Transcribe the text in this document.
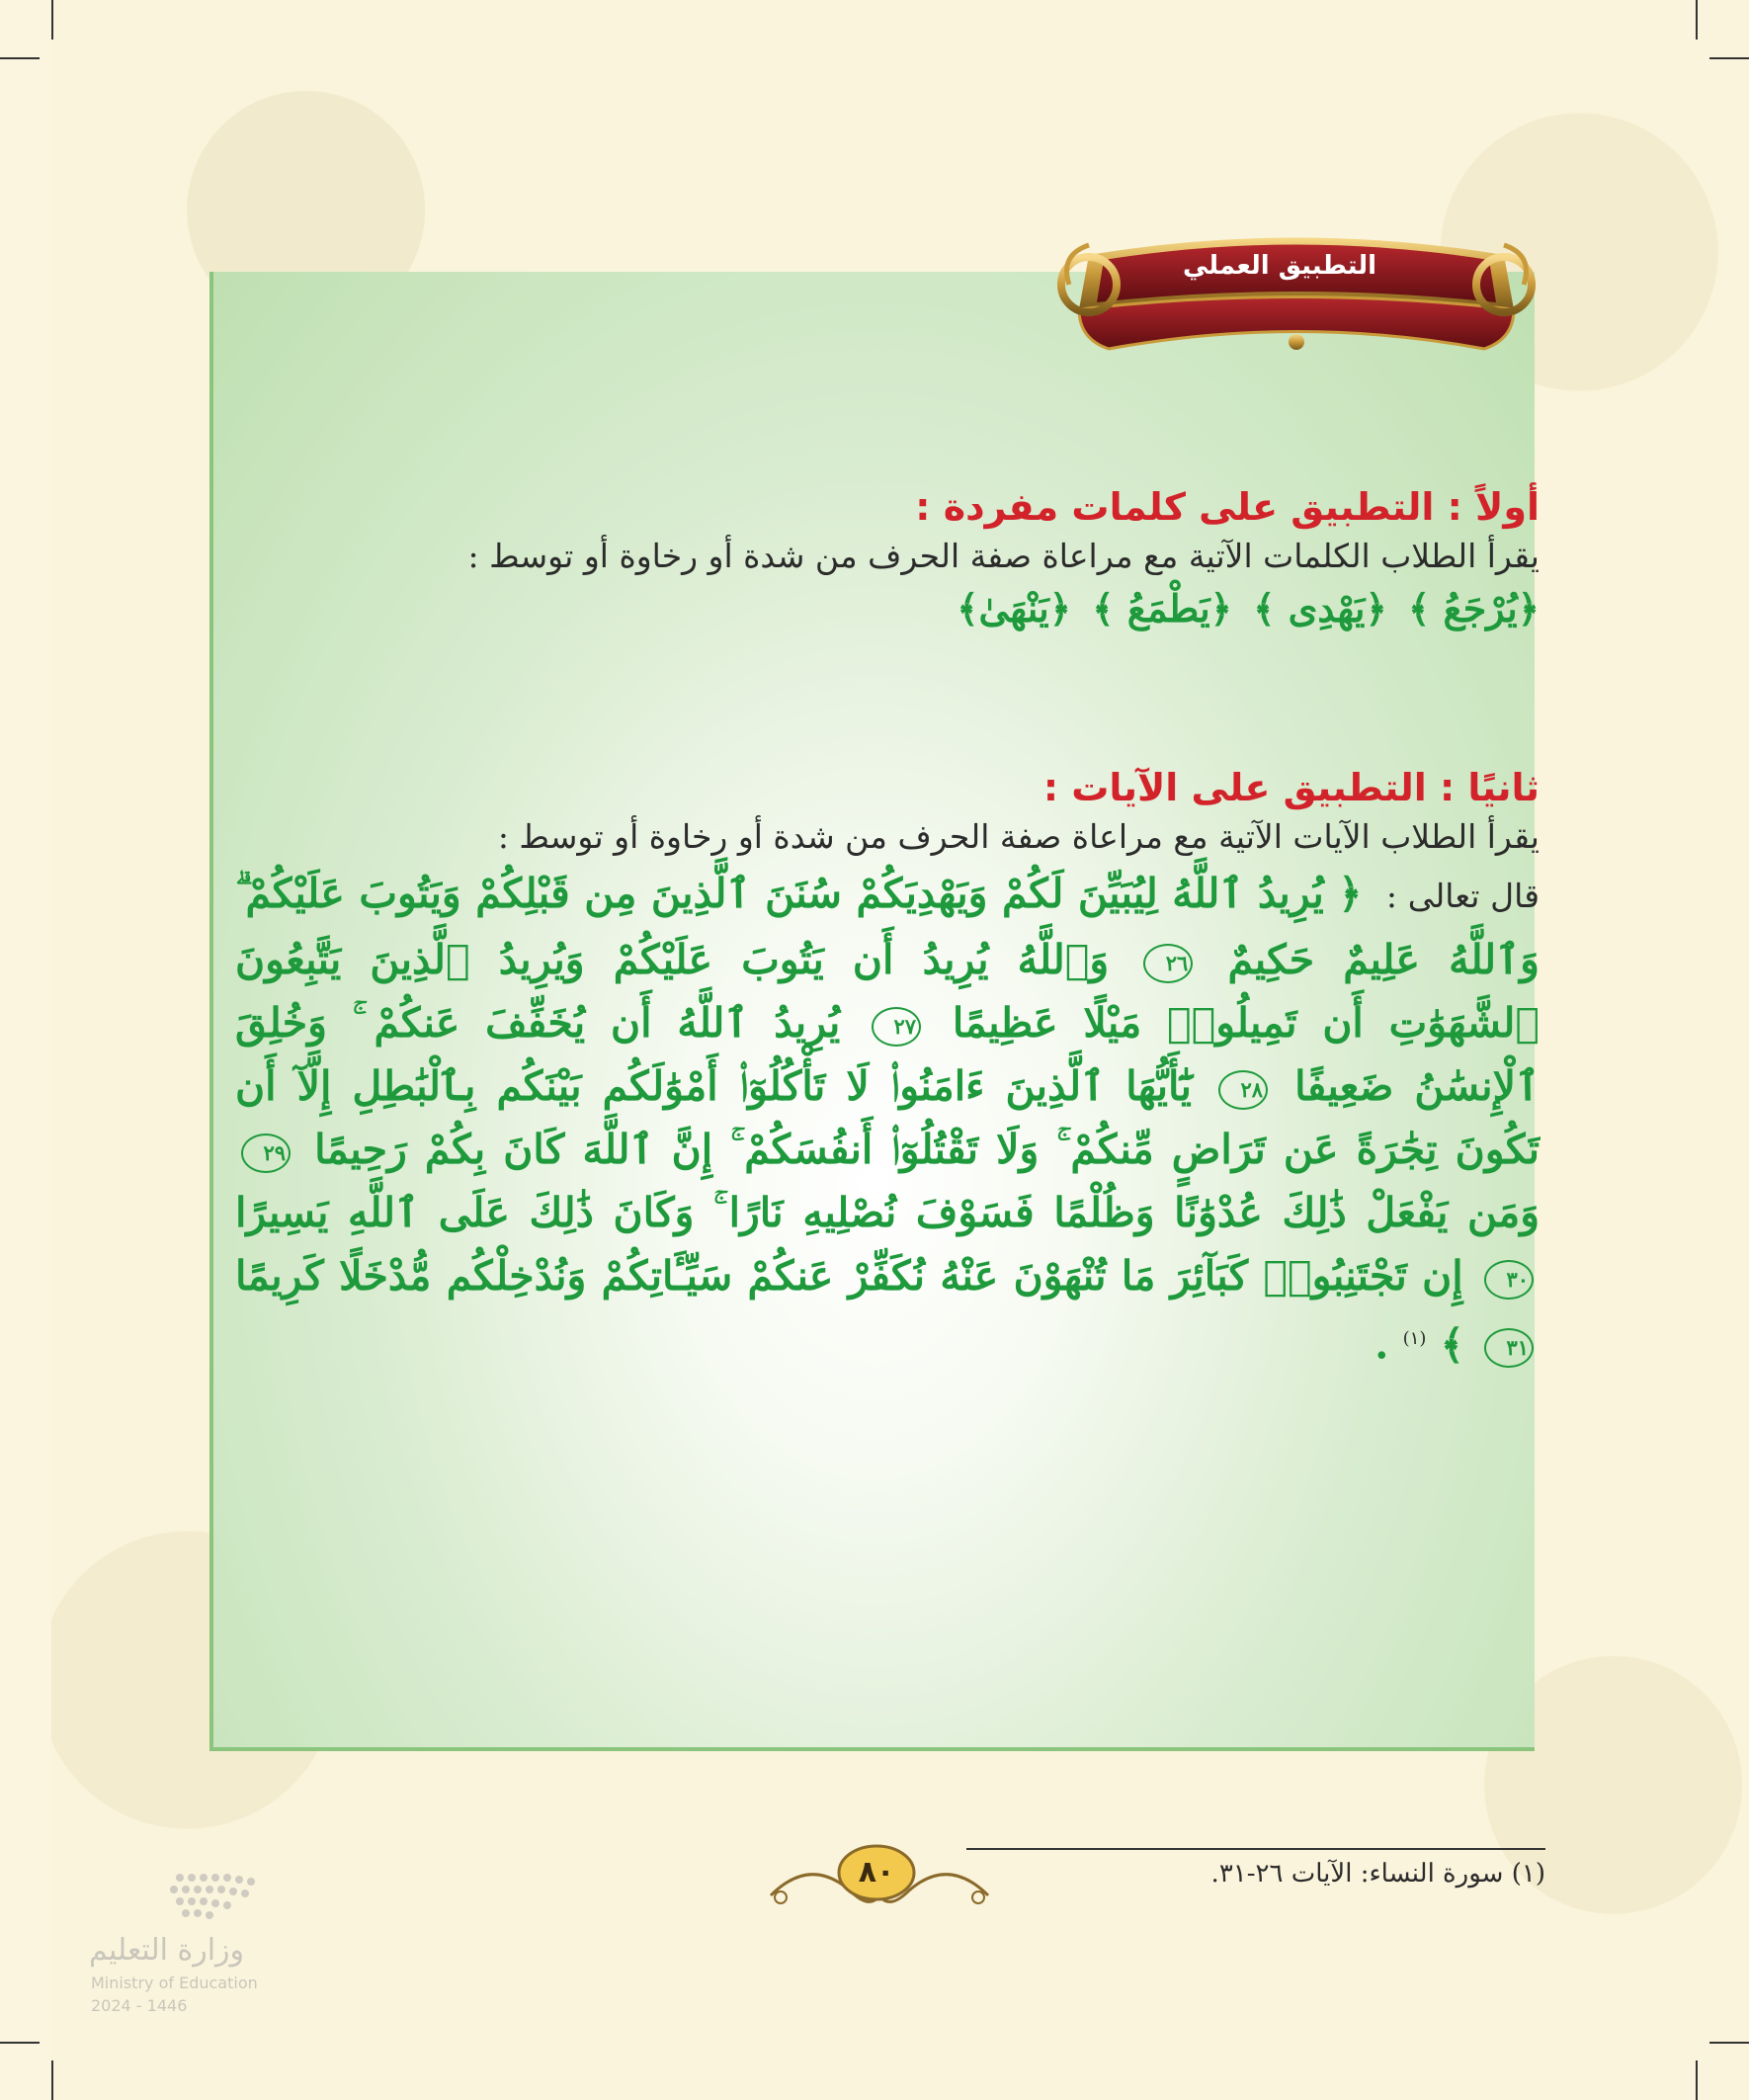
التطبيق العملي
أولاً : التطبيق على كلمات مفردة :
يقرأ الطلاب الكلمات الآتية مع مراعاة صفة الحرف من شدة أو رخاوة أو توسط :
﴿يُرْجَعُ ﴾ ﴿يَهْدِى ﴾ ﴿يَطْمَعُ ﴾ ﴿يَنْهَىٰ﴾
ثانيًا : التطبيق على الآيات :
يقرأ الطلاب الآيات الآتية مع مراعاة صفة الحرف من شدة أو رخاوة أو توسط :
قال تعالى : ﴿ يُرِيدُ ٱللَّهُ لِيُبَيِّنَ لَكُمْ وَيَهْدِيَكُمْ سُنَنَ ٱلَّذِينَ مِن قَبْلِكُمْ وَيَتُوبَ عَلَيْكُمْ ۗ وَٱللَّهُ عَلِيمٌ حَكِيمٌ ٢٦ وَٱللَّهُ يُرِيدُ أَن يَتُوبَ عَلَيْكُمْ وَيُرِيدُ ٱلَّذِينَ يَتَّبِعُونَ ٱلشَّهَوَٰتِ أَن تَمِيلُوا۟ مَيْلًا عَظِيمًا ٢٧ يُرِيدُ ٱللَّهُ أَن يُخَفِّفَ عَنكُمْ ۚ وَخُلِقَ ٱلْإِنسَٰنُ ضَعِيفًا ٢٨ يَٰٓأَيُّهَا ٱلَّذِينَ ءَامَنُوا۟ لَا تَأْكُلُوٓا۟ أَمْوَٰلَكُم بَيْنَكُم بِٱلْبَٰطِلِ إِلَّآ أَن تَكُونَ تِجَٰرَةً عَن تَرَاضٍ مِّنكُمْ ۚ وَلَا تَقْتُلُوٓا۟ أَنفُسَكُمْ ۚ إِنَّ ٱللَّهَ كَانَ بِكُمْ رَحِيمًا ٢٩ وَمَن يَفْعَلْ ذَٰلِكَ عُدْوَٰنًا وَظُلْمًا فَسَوْفَ نُصْلِيهِ نَارًا ۚ وَكَانَ ذَٰلِكَ عَلَى ٱللَّهِ يَسِيرًا ٣٠ إِن تَجْتَنِبُوا۟ كَبَآئِرَ مَا تُنْهَوْنَ عَنْهُ نُكَفِّرْ عَنكُمْ سَيِّـَٔاتِكُمْ وَنُدْخِلْكُم مُّدْخَلًا كَرِيمًا ٣١ ﴾ $^{(١)}$ .
(١) سورة النساء: الآيات ٢٦-٣١.
٨٠
وزارة التعليم
Ministry of Education
2024 - 1446
